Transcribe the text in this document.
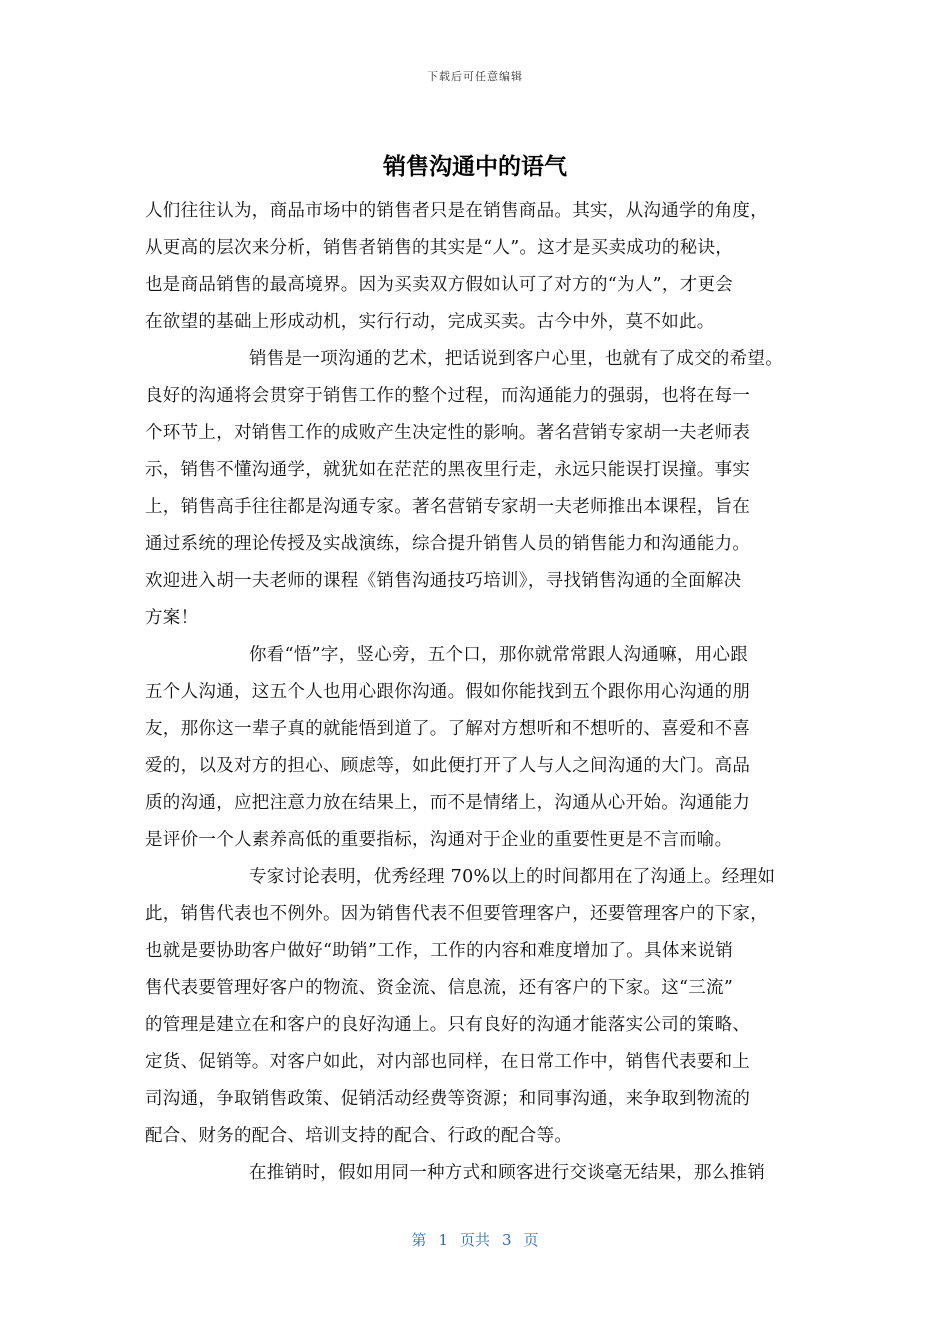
下载后可任意编辑
销售沟通中的语气
人们往往认为，商品市场中的销售者只是在销售商品。其实，从沟通学的角度，
从更高的层次来分析，销售者销售的其实是“人”。这才是买卖成功的秘诀，
也是商品销售的最高境界。因为买卖双方假如认可了对方的“为人”，才更会
在欲望的基础上形成动机，实行行动，完成买卖。古今中外，莫不如此。
销售是一项沟通的艺术，把话说到客户心里，也就有了成交的希望。
良好的沟通将会贯穿于销售工作的整个过程，而沟通能力的强弱，也将在每一
个环节上，对销售工作的成败产生决定性的影响。著名营销专家胡一夫老师表
示，销售不懂沟通学，就犹如在茫茫的黑夜里行走，永远只能误打误撞。事实
上，销售高手往往都是沟通专家。著名营销专家胡一夫老师推出本课程，旨在
通过系统的理论传授及实战演练，综合提升销售人员的销售能力和沟通能力。
欢迎进入胡一夫老师的课程《销售沟通技巧培训》，寻找销售沟通的全面解决
方案！
你看“悟”字，竖心旁，五个口，那你就常常跟人沟通嘛，用心跟
五个人沟通，这五个人也用心跟你沟通。假如你能找到五个跟你用心沟通的朋
友，那你这一辈子真的就能悟到道了。了解对方想听和不想听的、喜爱和不喜
爱的，以及对方的担心、顾虑等，如此便打开了人与人之间沟通的大门。高品
质的沟通，应把注意力放在结果上，而不是情绪上，沟通从心开始。沟通能力
是评价一个人素养高低的重要指标，沟通对于企业的重要性更是不言而喻。
专家讨论表明，优秀经理 70%以上的时间都用在了沟通上。经理如
此，销售代表也不例外。因为销售代表不但要管理客户，还要管理客户的下家，
也就是要协助客户做好“助销”工作，工作的内容和难度增加了。具体来说销
售代表要管理好客户的物流、资金流、信息流，还有客户的下家。这“三流”
的管理是建立在和客户的良好沟通上。只有良好的沟通才能落实公司的策略、
定货、促销等。对客户如此，对内部也同样，在日常工作中，销售代表要和上
司沟通，争取销售政策、促销活动经费等资源；和同事沟通，来争取到物流的
配合、财务的配合、培训支持的配合、行政的配合等。
在推销时，假如用同一种方式和顾客进行交谈毫无结果，那么推销
第 1 页共 3 页
